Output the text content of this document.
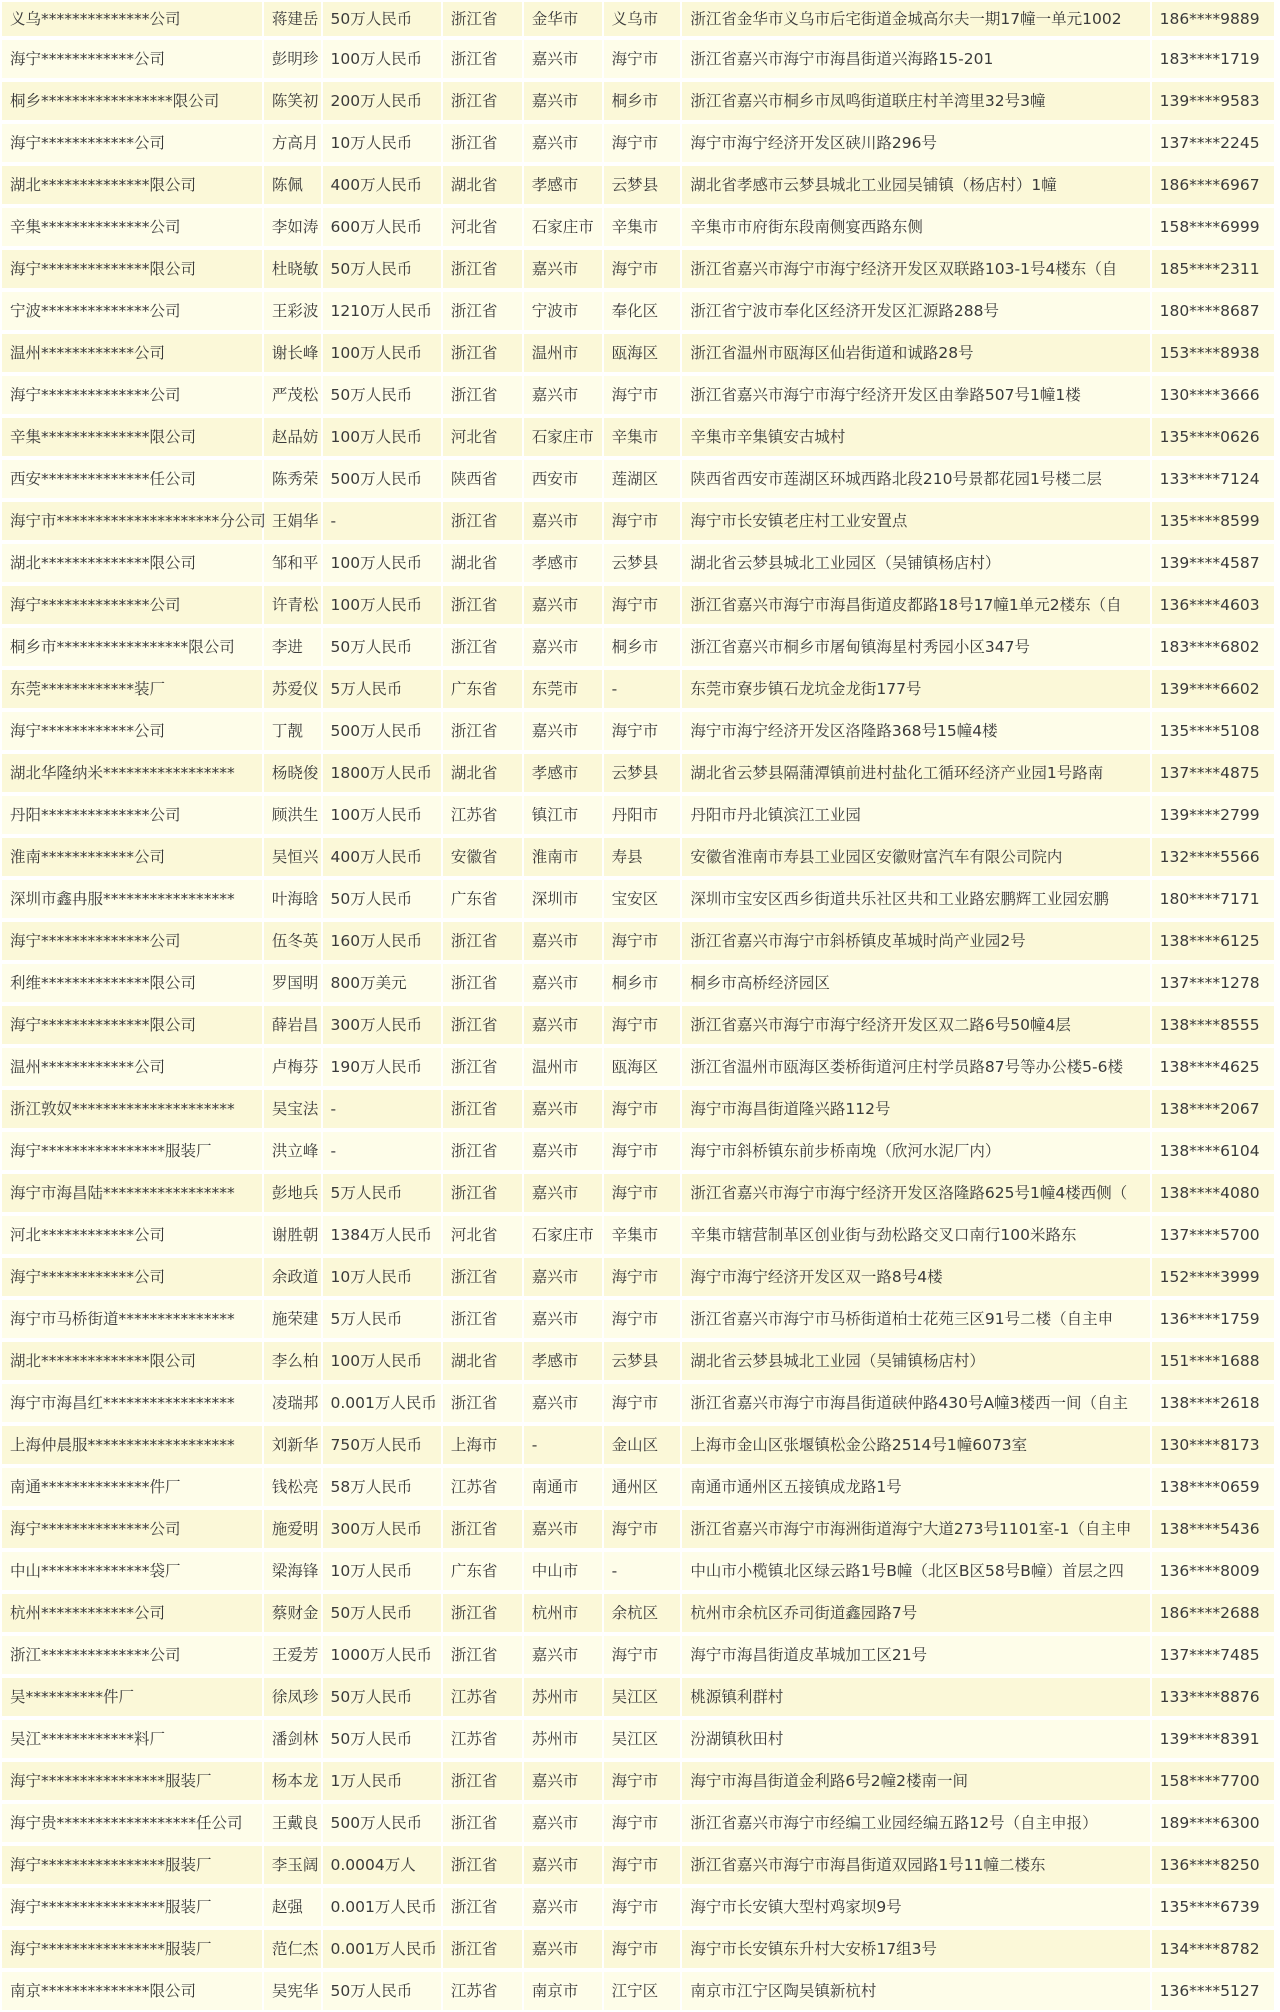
义乌**************公司	蒋建岳	50万人民币	浙江省	金华市	义乌市	浙江省金华市义乌市后宅街道金城高尔夫一期17幢一单元1002	186****9889
海宁************公司	彭明珍	100万人民币	浙江省	嘉兴市	海宁市	浙江省嘉兴市海宁市海昌街道兴海路15-201	183****1719
桐乡*****************限公司	陈笑初	200万人民币	浙江省	嘉兴市	桐乡市	浙江省嘉兴市桐乡市凤鸣街道联庄村羊湾里32号3幢	139****9583
海宁************公司	方高月	10万人民币	浙江省	嘉兴市	海宁市	海宁市海宁经济开发区硖川路296号	137****2245
湖北**************限公司	陈佩	400万人民币	湖北省	孝感市	云梦县	湖北省孝感市云梦县城北工业园吴铺镇（杨店村）1幢	186****6967
辛集**************公司	李如涛	600万人民币	河北省	石家庄市	辛集市	辛集市市府街东段南侧宴西路东侧	158****6999
海宁**************限公司	杜晓敏	50万人民币	浙江省	嘉兴市	海宁市	浙江省嘉兴市海宁市海宁经济开发区双联路103-1号4楼东（自	185****2311
宁波**************公司	王彩波	1210万人民币	浙江省	宁波市	奉化区	浙江省宁波市奉化区经济开发区汇源路288号	180****8687
温州************公司	谢长峰	100万人民币	浙江省	温州市	瓯海区	浙江省温州市瓯海区仙岩街道和诚路28号	153****8938
海宁**************公司	严茂松	50万人民币	浙江省	嘉兴市	海宁市	浙江省嘉兴市海宁市海宁经济开发区由拳路507号1幢1楼	130****3666
辛集**************限公司	赵品妨	100万人民币	河北省	石家庄市	辛集市	辛集市辛集镇安古城村	135****0626
西安**************任公司	陈秀荣	500万人民币	陕西省	西安市	莲湖区	陕西省西安市莲湖区环城西路北段210号景都花园1号楼二层	133****7124
海宁市*********************分公司	王娟华	-	浙江省	嘉兴市	海宁市	海宁市长安镇老庄村工业安置点	135****8599
湖北**************限公司	邹和平	100万人民币	湖北省	孝感市	云梦县	湖北省云梦县城北工业园区（吴铺镇杨店村）	139****4587
海宁**************公司	许青松	100万人民币	浙江省	嘉兴市	海宁市	浙江省嘉兴市海宁市海昌街道皮都路18号17幢1单元2楼东（自	136****4603
桐乡市*****************限公司	李进	50万人民币	浙江省	嘉兴市	桐乡市	浙江省嘉兴市桐乡市屠甸镇海星村秀园小区347号	183****6802
东莞************装厂	苏爱仪	5万人民币	广东省	东莞市	-	东莞市寮步镇石龙坑金龙街177号	139****6602
海宁************公司	丁靓	500万人民币	浙江省	嘉兴市	海宁市	海宁市海宁经济开发区洛隆路368号15幢4楼	135****5108
湖北华隆纳米*****************	杨晓俊	1800万人民币	湖北省	孝感市	云梦县	湖北省云梦县隔蒲潭镇前进村盐化工循环经济产业园1号路南	137****4875
丹阳**************公司	顾洪生	100万人民币	江苏省	镇江市	丹阳市	丹阳市丹北镇滨江工业园	139****2799
淮南************公司	吴恒兴	400万人民币	安徽省	淮南市	寿县	安徽省淮南市寿县工业园区安徽财富汽车有限公司院内	132****5566
深圳市鑫冉服*****************	叶海晗	50万人民币	广东省	深圳市	宝安区	深圳市宝安区西乡街道共乐社区共和工业路宏鹏辉工业园宏鹏	180****7171
海宁**************公司	伍冬英	160万人民币	浙江省	嘉兴市	海宁市	浙江省嘉兴市海宁市斜桥镇皮革城时尚产业园2号	138****6125
利维**************限公司	罗国明	800万美元	浙江省	嘉兴市	桐乡市	桐乡市高桥经济园区	137****1278
海宁**************限公司	薛岩昌	300万人民币	浙江省	嘉兴市	海宁市	浙江省嘉兴市海宁市海宁经济开发区双二路6号50幢4层	138****8555
温州************公司	卢梅芬	190万人民币	浙江省	温州市	瓯海区	浙江省温州市瓯海区娄桥街道河庄村学员路87号等办公楼5-6楼	138****4625
浙江敦奴*********************	吴宝法	-	浙江省	嘉兴市	海宁市	海宁市海昌街道隆兴路112号	138****2067
海宁****************服装厂	洪立峰	-	浙江省	嘉兴市	海宁市	海宁市斜桥镇东前步桥南堍（欣河水泥厂内）	138****6104
海宁市海昌陆*****************	彭地兵	5万人民币	浙江省	嘉兴市	海宁市	浙江省嘉兴市海宁市海宁经济开发区洛隆路625号1幢4楼西侧（	138****4080
河北************公司	谢胜朝	1384万人民币	河北省	石家庄市	辛集市	辛集市辖营制革区创业街与劲松路交叉口南行100米路东	137****5700
海宁************公司	余政道	10万人民币	浙江省	嘉兴市	海宁市	海宁市海宁经济开发区双一路8号4楼	152****3999
海宁市马桥街道***************	施荣建	5万人民币	浙江省	嘉兴市	海宁市	浙江省嘉兴市海宁市马桥街道柏士花苑三区91号二楼（自主申	136****1759
湖北**************限公司	李么柏	100万人民币	湖北省	孝感市	云梦县	湖北省云梦县城北工业园（吴铺镇杨店村）	151****1688
海宁市海昌红*****************	凌瑞邦	0.001万人民币	浙江省	嘉兴市	海宁市	浙江省嘉兴市海宁市海昌街道硖仲路430号A幢3楼西一间（自主	138****2618
上海仲晨服*******************	刘新华	750万人民币	上海市	-	金山区	上海市金山区张堰镇松金公路2514号1幢6073室	130****8173
南通**************件厂	钱松亮	58万人民币	江苏省	南通市	通州区	南通市通州区五接镇成龙路1号	138****0659
海宁**************公司	施爱明	300万人民币	浙江省	嘉兴市	海宁市	浙江省嘉兴市海宁市海洲街道海宁大道273号1101室-1（自主申	138****5436
中山**************袋厂	梁海锋	10万人民币	广东省	中山市	-	中山市小榄镇北区绿云路1号B幢（北区B区58号B幢）首层之四	136****8009
杭州************公司	蔡财金	50万人民币	浙江省	杭州市	余杭区	杭州市余杭区乔司街道鑫园路7号	186****2688
浙江**************公司	王爱芳	1000万人民币	浙江省	嘉兴市	海宁市	海宁市海昌街道皮革城加工区21号	137****7485
吴**********件厂	徐凤珍	50万人民币	江苏省	苏州市	吴江区	桃源镇利群村	133****8876
吴江************料厂	潘剑林	50万人民币	江苏省	苏州市	吴江区	汾湖镇秋田村	139****8391
海宁****************服装厂	杨本龙	1万人民币	浙江省	嘉兴市	海宁市	海宁市海昌街道金利路6号2幢2楼南一间	158****7700
海宁贵******************任公司	王戴良	500万人民币	浙江省	嘉兴市	海宁市	浙江省嘉兴市海宁市经编工业园经编五路12号（自主申报）	189****6300
海宁****************服装厂	李玉阔	0.0004万人	浙江省	嘉兴市	海宁市	浙江省嘉兴市海宁市海昌街道双园路1号11幢二楼东	136****8250
海宁****************服装厂	赵强	0.001万人民币	浙江省	嘉兴市	海宁市	海宁市长安镇大型村鸡家坝9号	135****6739
海宁****************服装厂	范仁杰	0.001万人民币	浙江省	嘉兴市	海宁市	海宁市长安镇东升村大安桥17组3号	134****8782
南京**************限公司	吴宪华	50万人民币	江苏省	南京市	江宁区	南京市江宁区陶吴镇新杭村	136****5127
